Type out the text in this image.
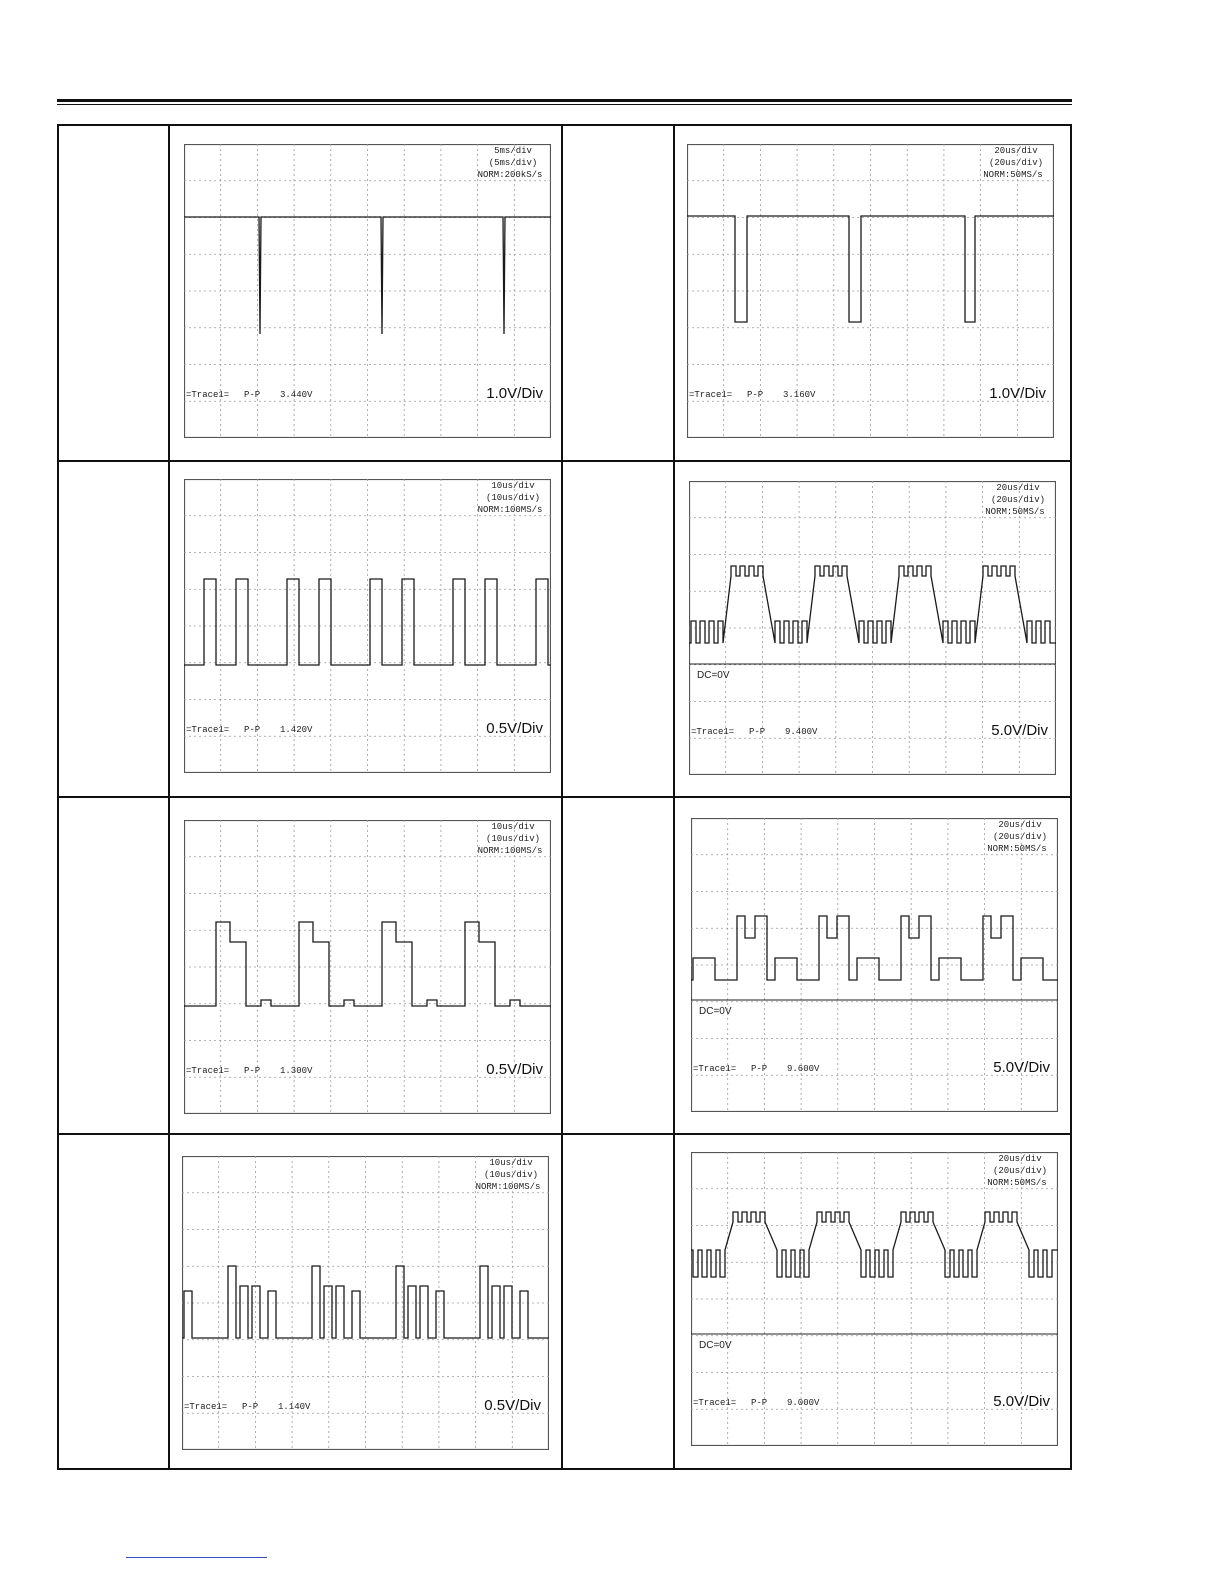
5ms/div
(5ms/div)
NORM:200kS/s
=Trace1= P-P 3.440V	1.0V/Div
20us/div
(20us/div)
NORM:50MS/s
=Trace1= P-P 3.160V	1.0V/Div
10us/div
(10us/div)
NORM:100MS/s
=Trace1= P-P 1.420V	0.5V/Div
DC=0V
20us/div
(20us/div)
NORM:50MS/s
=Trace1= P-P 9.400V	5.0V/Div
10us/div
(10us/div)
NORM:100MS/s
=Trace1= P-P 1.300V	0.5V/Div
DC=0V
20us/div
(20us/div)
NORM:50MS/s
=Trace1= P-P 9.600V	5.0V/Div
10us/div
(10us/div)
NORM:100MS/s
=Trace1= P-P 1.140V	0.5V/Div
DC=0V
20us/div
(20us/div)
NORM:50MS/s
=Trace1= P-P 9.000V	5.0V/Div
